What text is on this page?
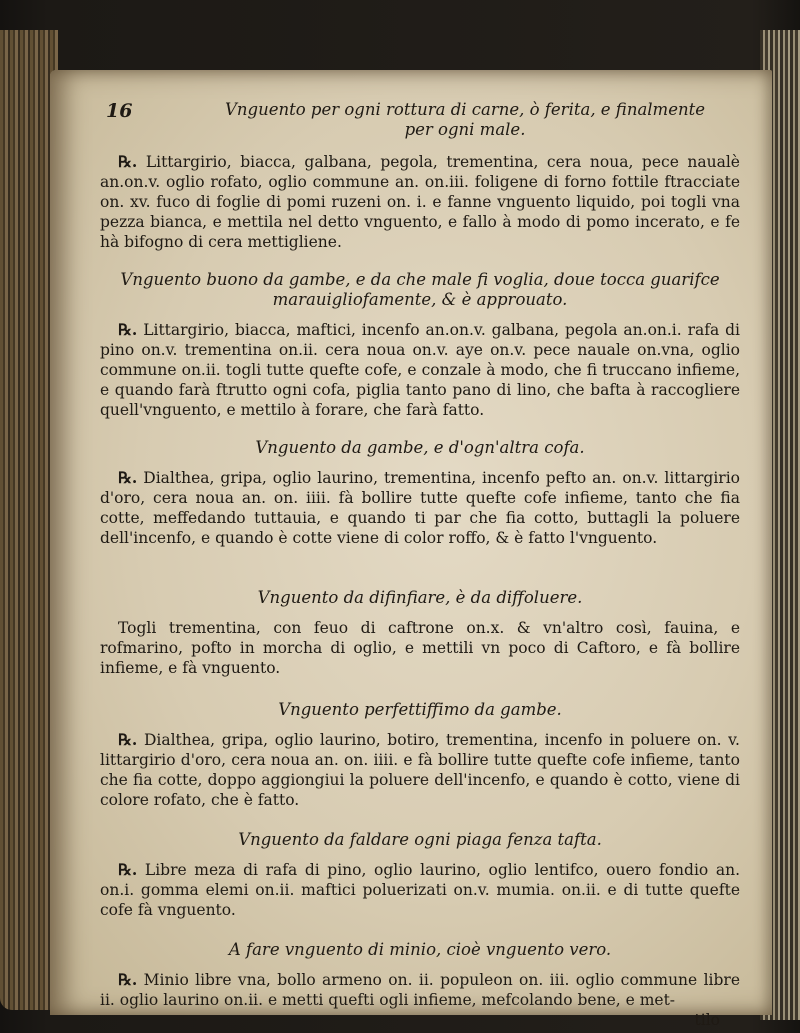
16	Vnguento per ogni rottura di carne, ò ferita, e finalmente
per ogni male.

℞. Littargirio, biacca, galbana, pegola, trementina, cera noua, pece naualè an.on.v. oglio rofato, oglio commune an. on.iii. foligene di forno fottile ftracciate on. xv. fuco di foglie di pomi ruzeni on. i. e fanne vnguento liquido, poi togli vna pezza bianca, e mettila nel detto vnguento, e fallo à modo di pomo incerato, e fe hà bifogno di cera mettigliene.

Vnguento buono da gambe, e da che male fi voglia, doue tocca guarifce
marauigliofamente, & è approuato.

℞. Littargirio, biacca, maftici, incenfo an.on.v. galbana, pegola an.on.i. rafa di pino on.v. trementina on.ii. cera noua on.v. aye on.v. pece nauale on.vna, oglio commune on.ii. togli tutte quefte cofe, e conzale à modo, che fi truccano infieme, e quando farà ftrutto ogni cofa, piglia tanto pano di lino, che bafta à raccogliere quell'vnguento, e mettilo à forare, che farà fatto.

Vnguento da gambe, e d'ogn'altra cofa.

℞. Dialthea, gripa, oglio laurino, trementina, incenfo pefto an. on.v. littargirio d'oro, cera noua an. on. iiii. fà bollire tutte quefte cofe infieme, tanto che fia cotte, meffedando tuttauia, e quando ti par che fia cotto, buttagli la poluere dell'incenfo, e quando è cotte viene di color roffo, & è fatto l'vnguento.

Vnguento da difinfiare, è da diffoluere.

Togli trementina, con feuo di caftrone on.x. & vn'altro così, fauina, e rofmarino, pofto in morcha di oglio, e mettili vn poco di Caftoro, e fà bollire infieme, e fà vnguento.

Vnguento perfettiffimo da gambe.

℞. Dialthea, gripa, oglio laurino, botiro, trementina, incenfo in poluere on. v. littargirio d'oro, cera noua an. on. iiii. e fà bollire tutte quefte cofe infieme, tanto che fia cotte, doppo aggiongiui la poluere dell'incenfo, e quando è cotto, viene di colore rofato, che è fatto.

Vnguento da faldare ogni piaga fenza tafta.

℞. Libre meza di rafa di pino, oglio laurino, oglio lentifco, ouero fondio an. on.i. gomma elemi on.ii. maftici poluerizati on.v. mumia. on.ii. e di tutte quefte cofe fà vnguento.

A fare vnguento di minio, cioè vnguento vero.

℞. Minio libre vna, bollo armeno on. ii. populeon on. iii. oglio commune libre ii. oglio laurino on.ii. e metti quefti ogli infieme, mefcolando bene, e met-

tilo
